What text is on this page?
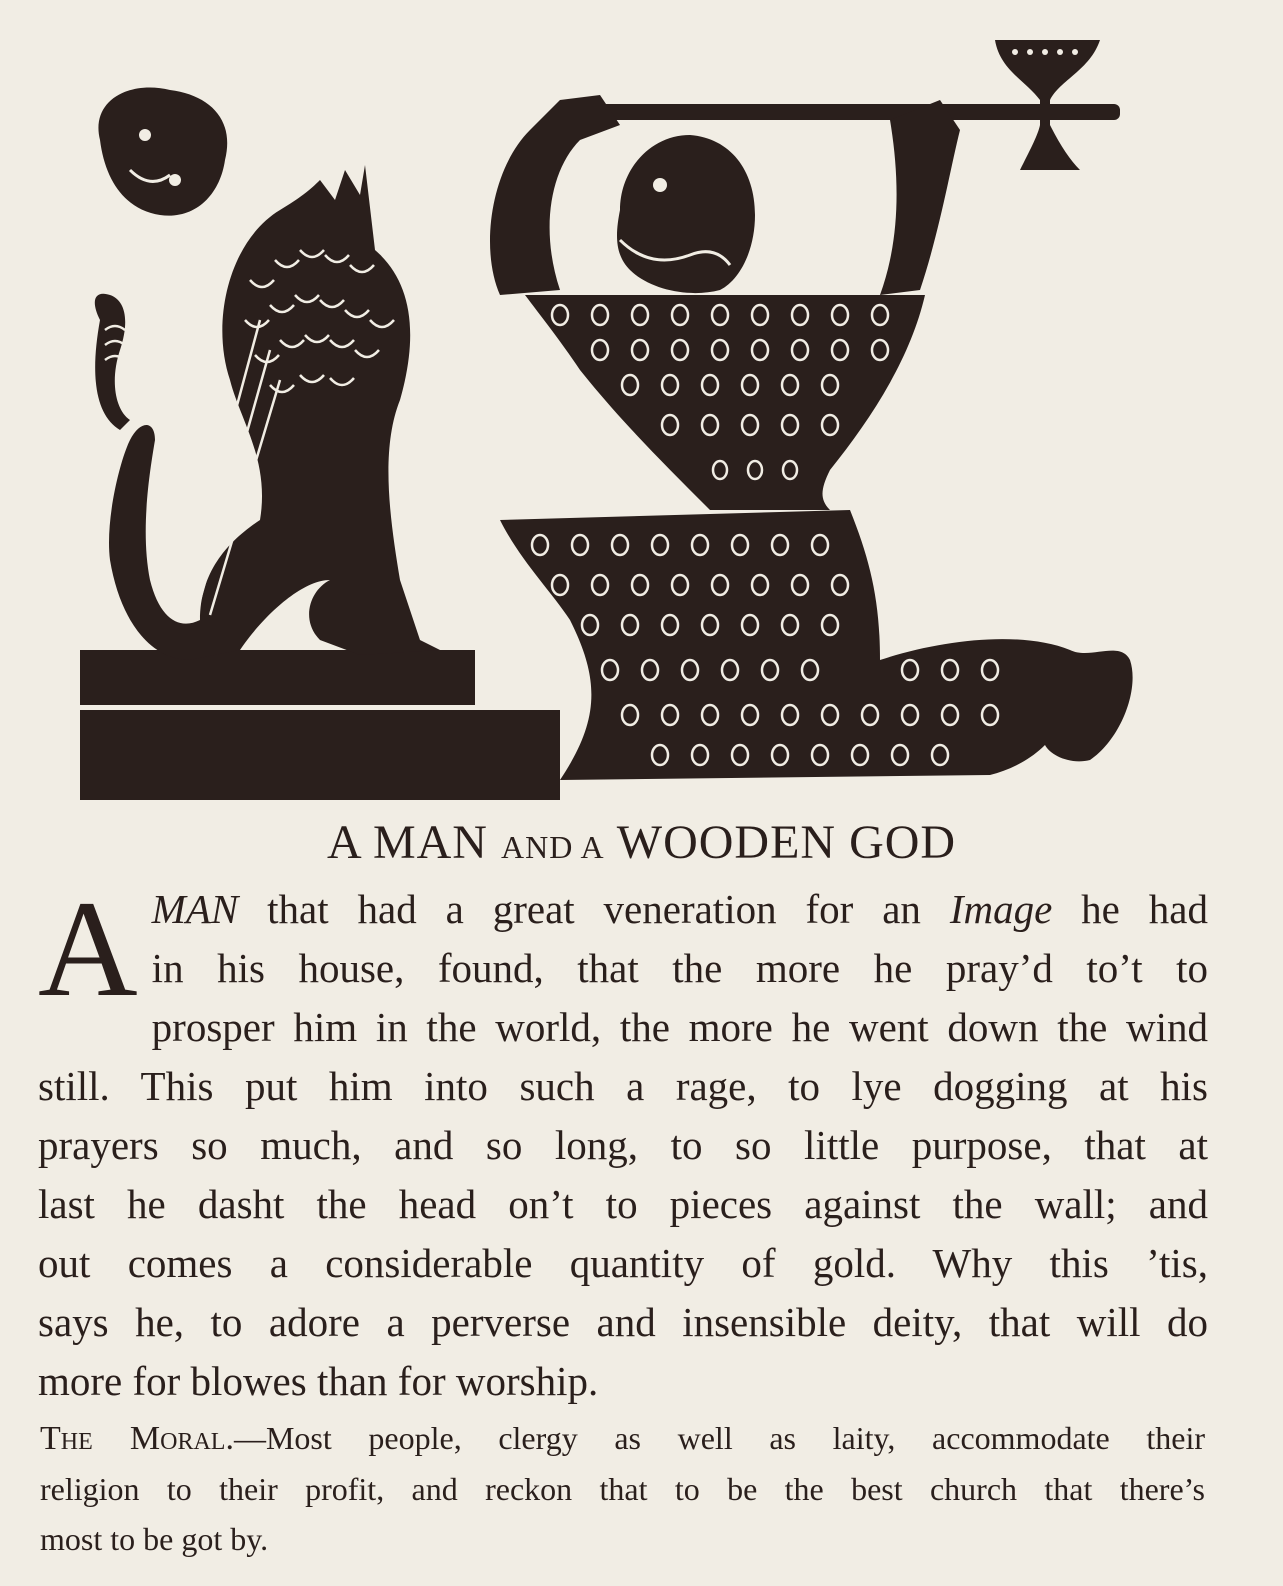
A MAN AND A WOODEN GOD
A MAN that had a great veneration for an Image he had
in his house, found, that the more he pray’d to’t to
prosper him in the world, the more he went down the wind
still. This put him into such a rage, to lye dogging at his
prayers so much, and so long, to so little purpose, that at
last he dasht the head on’t to pieces against the wall; and
out comes a considerable quantity of gold. Why this ’tis,
says he, to adore a perverse and insensible deity, that will do
more for blowes than for worship.
The Moral.—Most people, clergy as well as laity, accommodate their
religion to their profit, and reckon that to be the best church that there’s
most to be got by.
